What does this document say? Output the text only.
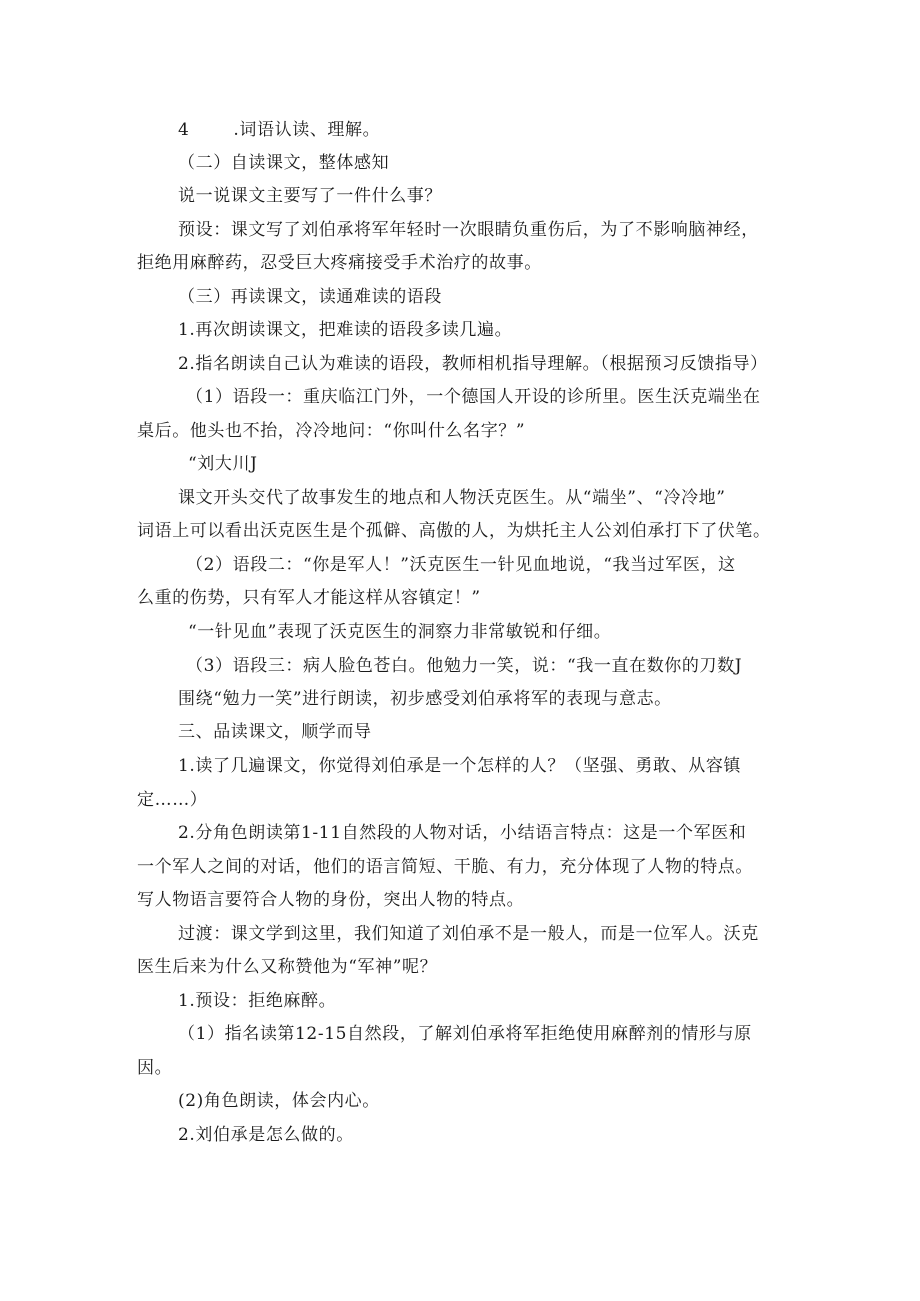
4	.词语认读、理解。
（二）自读课文，整体感知
说一说课文主要写了一件什么事？
预设：课文写了刘伯承将军年轻时一次眼睛负重伤后，为了不影响脑神经，
拒绝用麻醉药，忍受巨大疼痛接受手术治疗的故事。
（三）再读课文，读通难读的语段
1.再次朗读课文，把难读的语段多读几遍。
2.指名朗读自己认为难读的语段，教师相机指导理解。（根据预习反馈指导）
（1）语段一：重庆临江门外，一个德国人开设的诊所里。医生沃克端坐在
桌后。他头也不抬，冷冷地问：“你叫什么名字？”
“刘大川J
课文开头交代了故事发生的地点和人物沃克医生。从“端坐”、“冷冷地”
词语上可以看出沃克医生是个孤僻、高傲的人，为烘托主人公刘伯承打下了伏笔。
（2）语段二：“你是军人！”沃克医生一针见血地说，“我当过军医，这
么重的伤势，只有军人才能这样从容镇定！”
“一针见血”表现了沃克医生的洞察力非常敏锐和仔细。
（3）语段三：病人脸色苍白。他勉力一笑，说：“我一直在数你的刀数J
围绕“勉力一笑”进行朗读，初步感受刘伯承将军的表现与意志。
三、品读课文，顺学而导
1.读了几遍课文，你觉得刘伯承是一个怎样的人？（坚强、勇敢、从容镇
定……）
2.分角色朗读第1-11自然段的人物对话，小结语言特点：这是一个军医和
一个军人之间的对话，他们的语言简短、干脆、有力，充分体现了人物的特点。
写人物语言要符合人物的身份，突出人物的特点。
过渡：课文学到这里，我们知道了刘伯承不是一般人，而是一位军人。沃克
医生后来为什么又称赞他为“军神”呢？
1.预设：拒绝麻醉。
（1）指名读第12-15自然段，了解刘伯承将军拒绝使用麻醉剂的情形与原
因。
(2)角色朗读，体会内心。
2.刘伯承是怎么做的。
